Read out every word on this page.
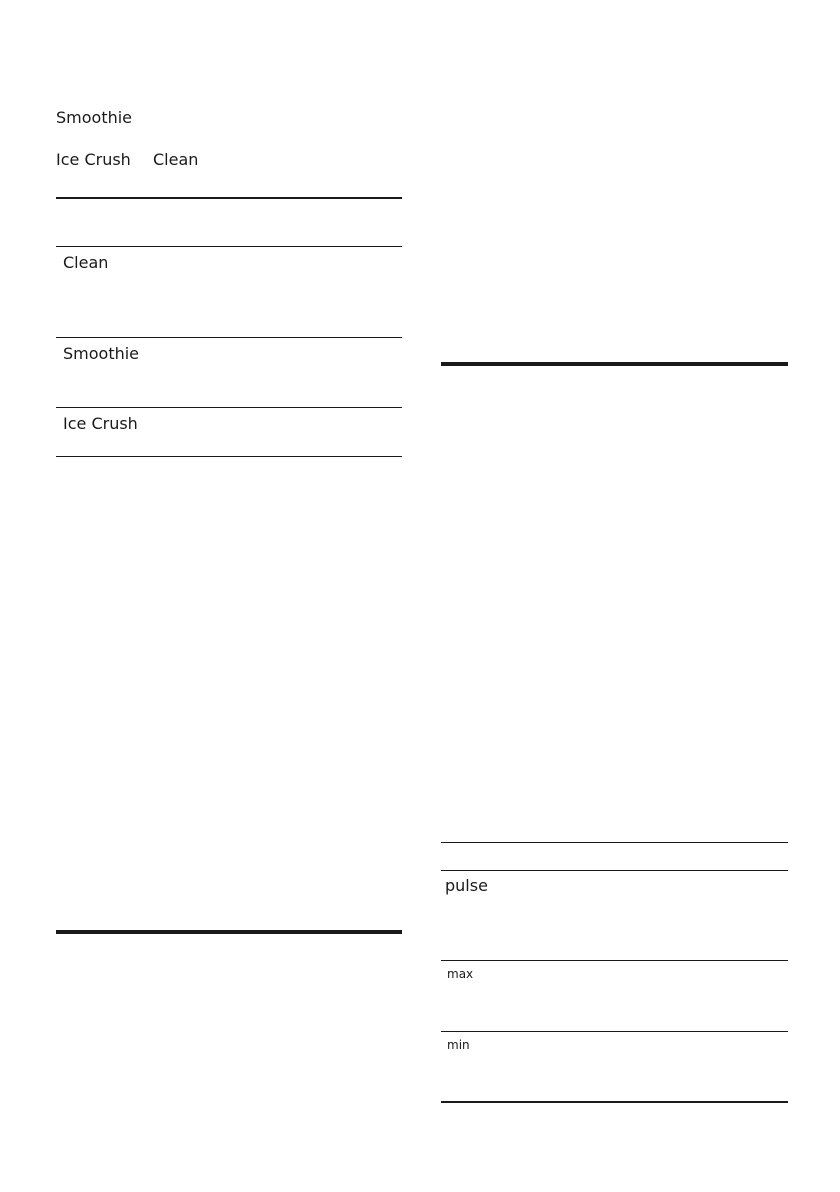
Smoothie
Ice Crush Clean
Clean
Smoothie
Ice Crush
pulse
max
min
